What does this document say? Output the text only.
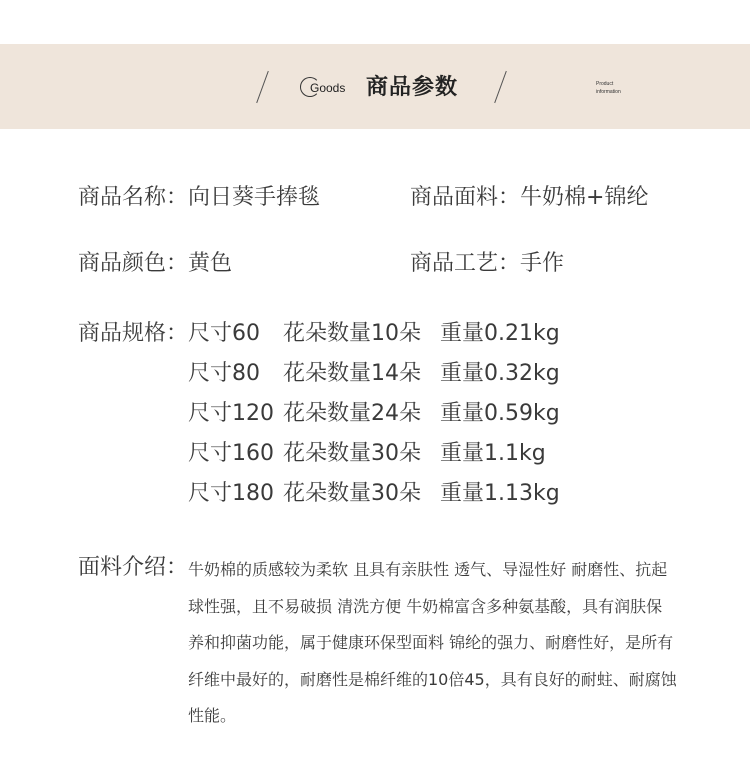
Goods 商品参数	Product
information
商品名称：向日葵手捧毯	商品面料：牛奶棉+锦纶
商品颜色：黄色	商品工艺：手作
商品规格： 尺寸60 花朵数量10朵 重量0.21kg
尺寸80 花朵数量14朵 重量0.32kg
尺寸120 花朵数量24朵 重量0.59kg
尺寸160 花朵数量30朵 重量1.1kg
尺寸180 花朵数量30朵 重量1.13kg
面料介绍： 牛奶棉的质感较为柔软 且具有亲肤性 透气、导湿性好 耐磨性、抗起球性强，且不易破损 清洗方便 牛奶棉富含多种氨基酸，具有润肤保养和抑菌功能，属于健康环保型面料 锦纶的强力、耐磨性好，是所有纤维中最好的，耐磨性是棉纤维的10倍45，具有良好的耐蛀、耐腐蚀性能。
